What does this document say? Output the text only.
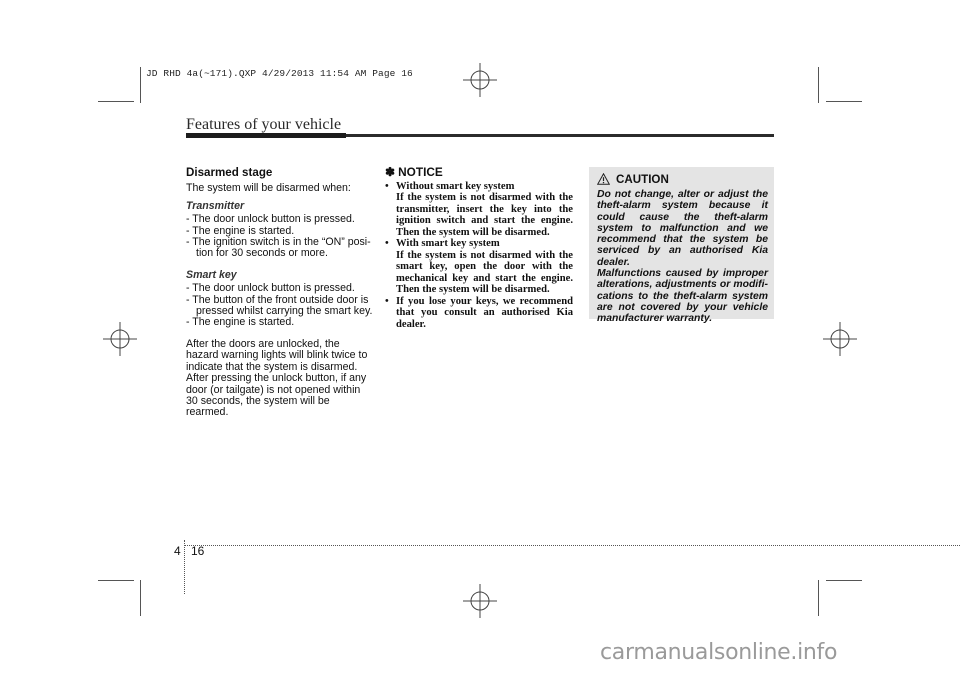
JD RHD 4a(~171).QXP 4/29/2013 11:54 AM Page 16
Features of your vehicle
Disarmed stage

The system will be disarmed when:

Transmitter

- The door unlock button is pressed.

- The engine is started.

- The ignition switch is in the “ON” posi- tion for 30 seconds or more.

Smart key

- The door unlock button is pressed.

- The button of the front outside door is pressed whilst carrying the smart key.

- The engine is started.

After the doors are unlocked, the hazard warning lights will blink twice to indicate that the system is disarmed.

After pressing the unlock button, if any door (or tailgate) is not opened within 30 seconds, the system will be rearmed.

✽ NOTICE

• Without smart key system
If the system is not disarmed with the transmitter, insert the key into the ignition switch and start the engine. Then the system will be disarmed.
• With smart key system
If the system is not disarmed with the smart key, open the door with the mechanical key and start the engine. Then the system will be disarmed.
• If you lose your keys, we recommend that you consult an authorised Kia dealer.
CAUTION

Do not change, alter or adjust the theft-alarm system because it could cause the theft-alarm system to malfunction and we recommend that the system be serviced by an authorised Kia dealer.

Malfunctions caused by improper alterations, adjustments or modifi- cations to the theft-alarm system are not covered by your vehicle manufacturer warranty.

4 16
carmanualsonline.info
